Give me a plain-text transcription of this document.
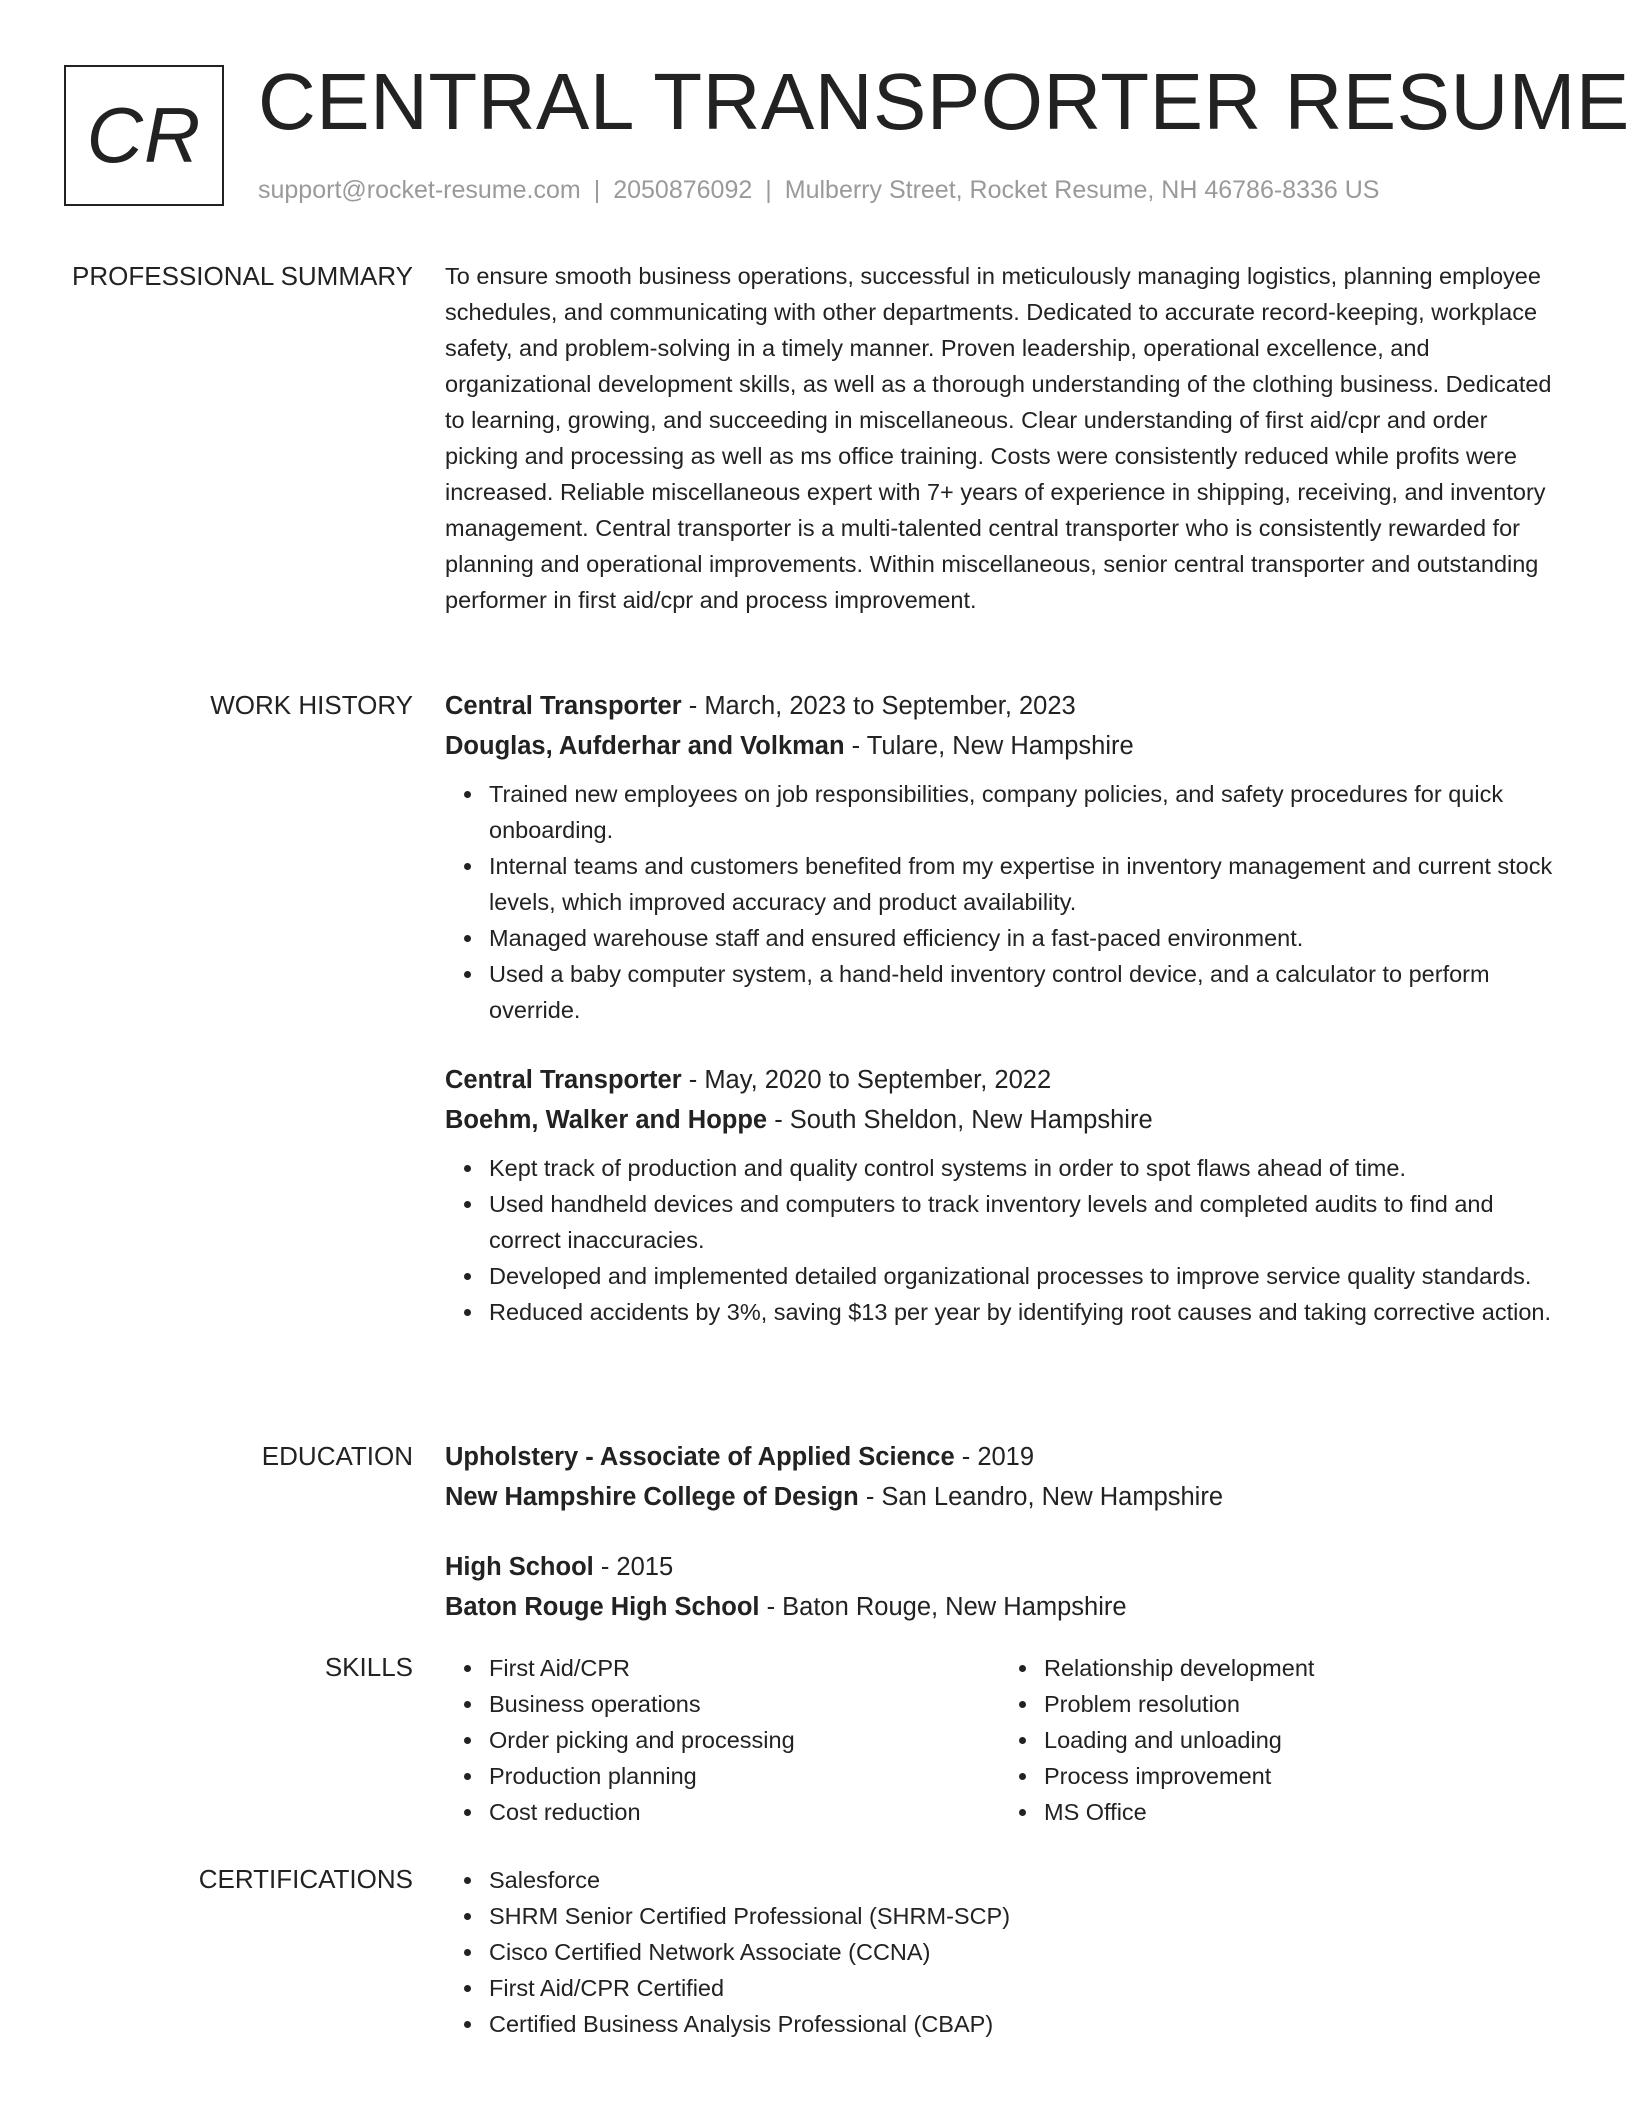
CR CENTRAL TRANSPORTER RESUME
support@rocket-resume.com | 2050876092 | Mulberry Street, Rocket Resume, NH 46786-8336 US
PROFESSIONAL SUMMARY To ensure smooth business operations, successful in meticulously managing logistics, planning employee schedules, and communicating with other departments. Dedicated to accurate record-keeping, workplace safety, and problem-solving in a timely manner. Proven leadership, operational excellence, and organizational development skills, as well as a thorough understanding of the clothing business. Dedicated to learning, growing, and succeeding in miscellaneous. Clear understanding of first aid/cpr and order picking and processing as well as ms office training. Costs were consistently reduced while profits were increased. Reliable miscellaneous expert with 7+ years of experience in shipping, receiving, and inventory management. Central transporter is a multi-talented central transporter who is consistently rewarded for planning and operational improvements. Within miscellaneous, senior central transporter and outstanding performer in first aid/cpr and process improvement.

WORK HISTORY Central Transporter - March, 2023 to September, 2023
Douglas, Aufderhar and Volkman - Tulare, New Hampshire
Trained new employees on job responsibilities, company policies, and safety procedures for quick onboarding.
Internal teams and customers benefited from my expertise in inventory management and current stock levels, which improved accuracy and product availability.
Managed warehouse staff and ensured efficiency in a fast-paced environment.
Used a baby computer system, a hand-held inventory control device, and a calculator to perform override.
Central Transporter - May, 2020 to September, 2022
Boehm, Walker and Hoppe - South Sheldon, New Hampshire
Kept track of production and quality control systems in order to spot flaws ahead of time.
Used handheld devices and computers to track inventory levels and completed audits to find and correct inaccuracies.
Developed and implemented detailed organizational processes to improve service quality standards.
Reduced accidents by 3%, saving $13 per year by identifying root causes and taking corrective action.
EDUCATION Upholstery - Associate of Applied Science - 2019
New Hampshire College of Design - San Leandro, New Hampshire
High School - 2015
Baton Rouge High School - Baton Rouge, New Hampshire
SKILLS	First Aid/CPR
Business operations
Order picking and processing
Production planning
Cost reduction
Relationship development
Problem resolution
Loading and unloading
Process improvement
MS Office
CERTIFICATIONS	Salesforce
SHRM Senior Certified Professional (SHRM-SCP)
Cisco Certified Network Associate (CCNA)
First Aid/CPR Certified
Certified Business Analysis Professional (CBAP)
